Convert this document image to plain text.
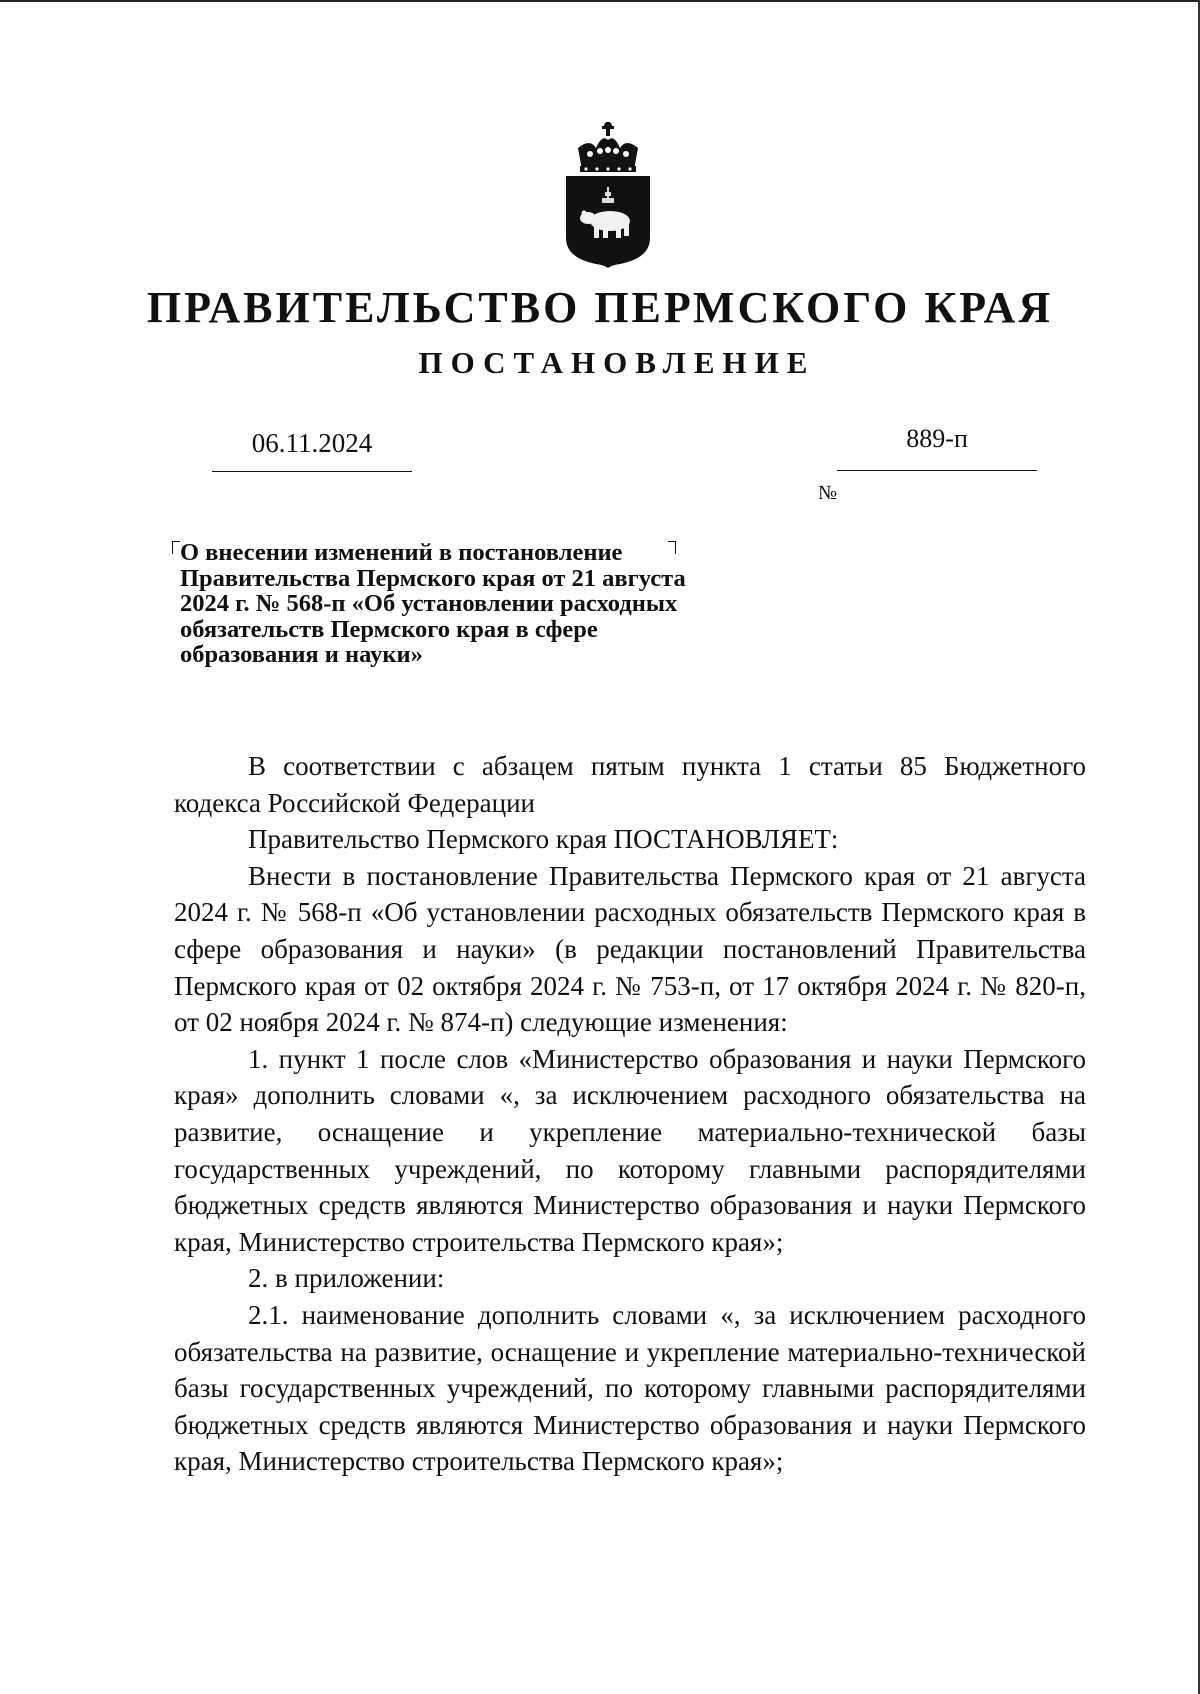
ПРАВИТЕЛЬСТВО ПЕРМСКОГО КРАЯ
ПОСТАНОВЛЕНИЕ
06.11.2024
№889-п
О внесении изменений в постановление
Правительства Пермского края от 21 августа
2024 г. № 568-п «Об установлении расходных
обязательств Пермского края в сфере
образования и науки»

В соответствии с абзацем пятым пункта 1 статьи 85 Бюджетного кодекса Российской Федерации

Правительство Пермского края ПОСТАНОВЛЯЕТ:

Внести в постановление Правительства Пермского края от 21 августа 2024 г. № 568-п «Об установлении расходных обязательств Пермского края в сфере образования и науки» (в редакции постановлений Правительства Пермского края от 02 октября 2024 г. № 753-п, от 17 октября 2024 г. № 820-п, от 02 ноября 2024 г. № 874-п) следующие изменения:

1. пункт 1 после слов «Министерство образования и науки Пермского края» дополнить словами «, за исключением расходного обязательства на развитие, оснащение и укрепление материально-технической базы государственных учреждений, по которому главными распорядителями бюджетных средств являются Министерство образования и науки Пермского края, Министерство строительства Пермского края»;

2. в приложении:

2.1. наименование дополнить словами «, за исключением расходного обязательства на развитие, оснащение и укрепление материально-технической базы государственных учреждений, по которому главными распорядителями бюджетных средств являются Министерство образования и науки Пермского края, Министерство строительства Пермского края»;
